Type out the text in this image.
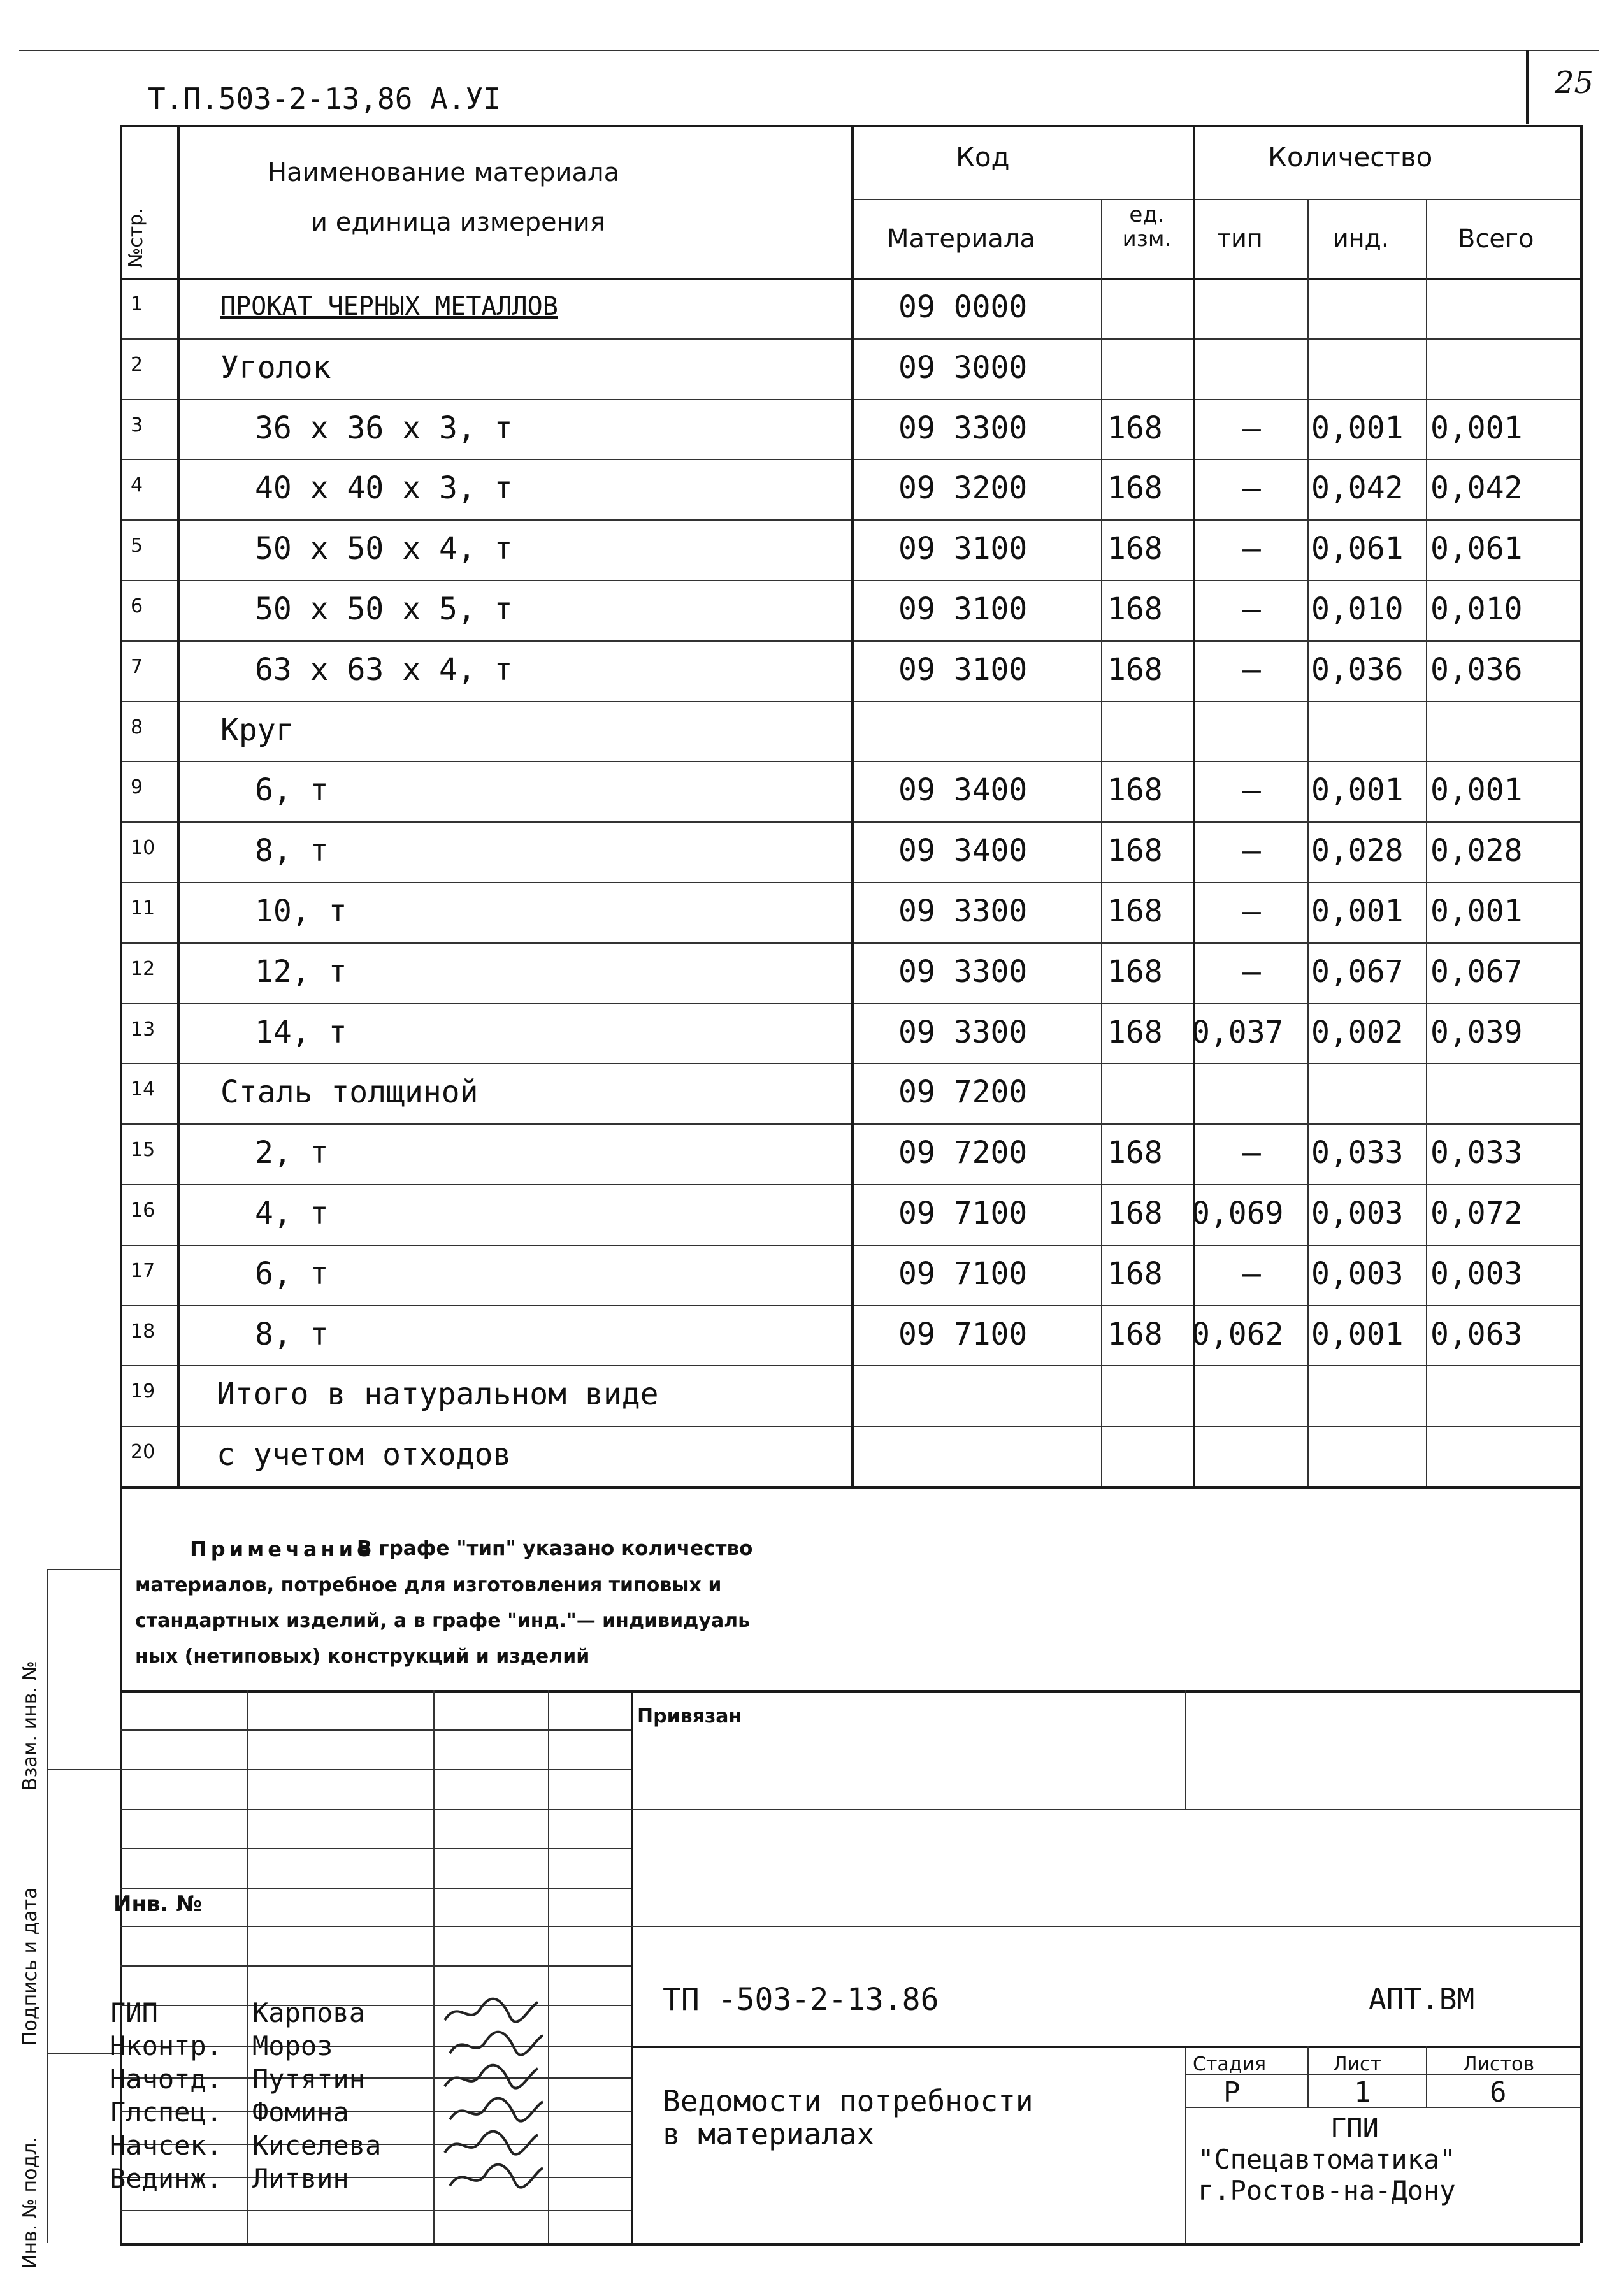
Т.П.503-2-13,86 А.УI	25
№стр.
Наименование материала
и единица измерения
Код	Количество
Материала
ед. изм.	тип	инд.	Всего
1	ПРОКАТ ЧЕРНЫХ МЕТАЛЛОВ	09 0000
2	Уголок	09 3000
3	36 х 36 х 3, т	09 3300	168	– 0,001 0,001
4	40 х 40 х 3, т	09 3200	168	– 0,042 0,042
5	50 х 50 х 4, т	09 3100	168	– 0,061 0,061
6	50 х 50 х 5, т	09 3100	168	– 0,010 0,010
7	63 х 63 х 4, т	09 3100	168	– 0,036 0,036
8	Круг
9	6, т	09 3400	168	– 0,001 0,001
10	8, т	09 3400	168	– 0,028 0,028
11	10, т	09 3300	168	– 0,001 0,001
12	12, т	09 3300	168	– 0,067 0,067
13	14, т	09 3300	168 0,037 0,002 0,039
14 Сталь толщиной	09 7200
15	2, т	09 7200	168	– 0,033 0,033
16	4, т	09 7100	168 0,069 0,003 0,072
17	6, т	09 7100	168	– 0,003 0,003
18	8, т	09 7100	168 0,062 0,001 0,063
19 Итого в натуральном виде
20 с учетом отходов
Примечание
В графе "тип" указано количество
материалов, потребное для изготовления типовых и
стандартных изделий, а в графе "инд."— индивидуаль
ных (нетиповых) конструкций и изделий
Привязан
Инв. №
ТП -503-2-13.86	АПТ.ВМ
Ведомости потребности
в материалах
Стадия	Лист	Листов
Р	1	6
ГПИ
"Спецавтоматика"
г.Ростов-на-Дону
ГИП	Карпова
Нконтр. Мороз
Начотд. Путятин
Глспец. Фомина
Начсек. Киселева
Вединж. Литвин
Взам. инв. №
Подпись и дата
Инв. № подл.
